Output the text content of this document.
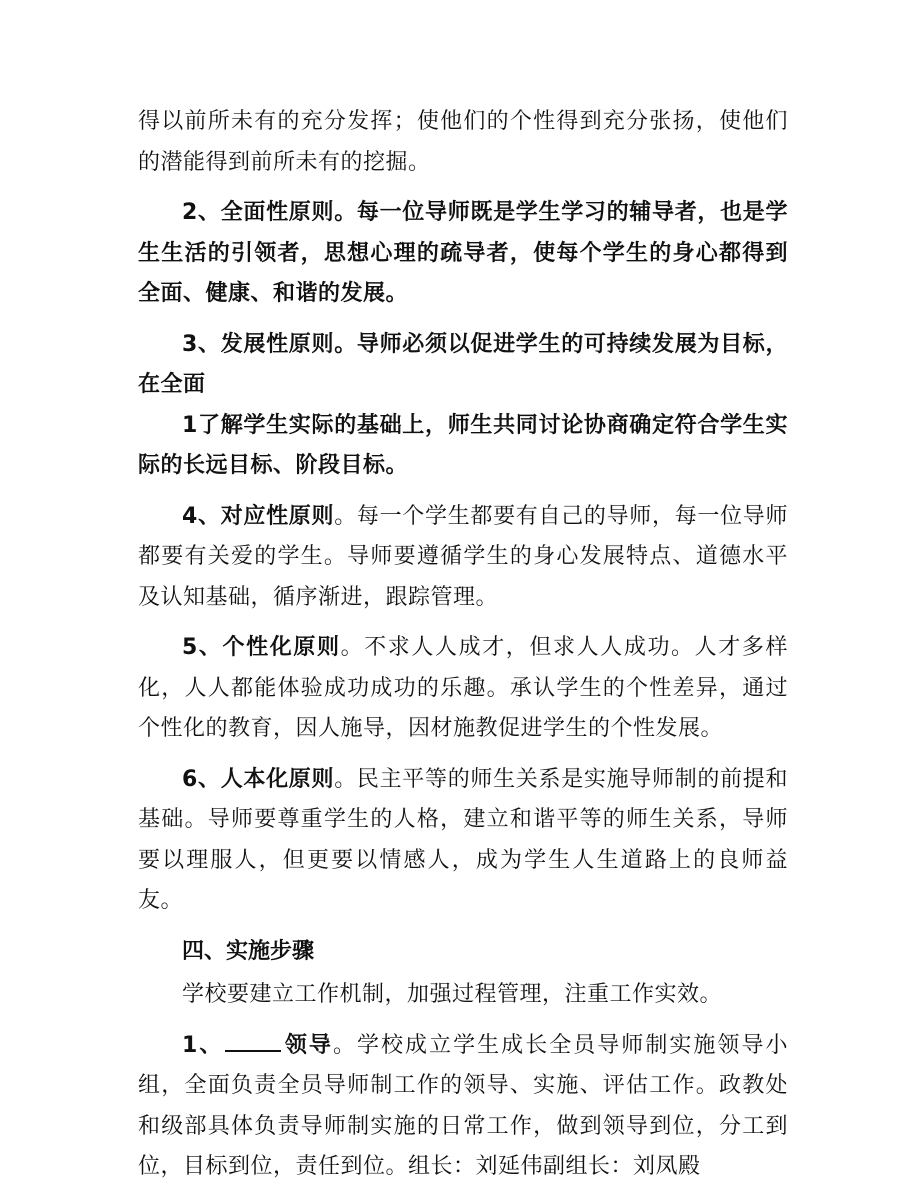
得以前所未有的充分发挥；使他们的个性得到充分张扬，使他们的潜能得到前所未有的挖掘。

2、全面性原则。每一位导师既是学生学习的辅导者，也是学生生活的引领者，思想心理的疏导者，使每个学生的身心都得到全面、健康、和谐的发展。

3、发展性原则。导师必须以促进学生的可持续发展为目标，在全面

1了解学生实际的基础上，师生共同讨论协商确定符合学生实际的长远目标、阶段目标。

4、对应性原则。每一个学生都要有自己的导师，每一位导师都要有关爱的学生。导师要遵循学生的身心发展特点、道德水平及认知基础，循序渐进，跟踪管理。

5、个性化原则。不求人人成才，但求人人成功。人才多样化，人人都能体验成功成功的乐趣。承认学生的个性差异，通过个性化的教育，因人施导，因材施教促进学生的个性发展。

6、人本化原则。民主平等的师生关系是实施导师制的前提和基础。导师要尊重学生的人格，建立和谐平等的师生关系，导师要以理服人，但更要以情感人，成为学生人生道路上的良师益友。

四、实施步骤

学校要建立工作机制，加强过程管理，注重工作实效。

1、	领导。学校成立学生成长全员导师制实施领导小组，全面负责全员导师制工作的领导、实施、评估工作。政教处和级部具体负责导师制实施的日常工作，做到领导到位，分工到位，目标到位，责任到位。组长：刘延伟副组长：刘凤殿
